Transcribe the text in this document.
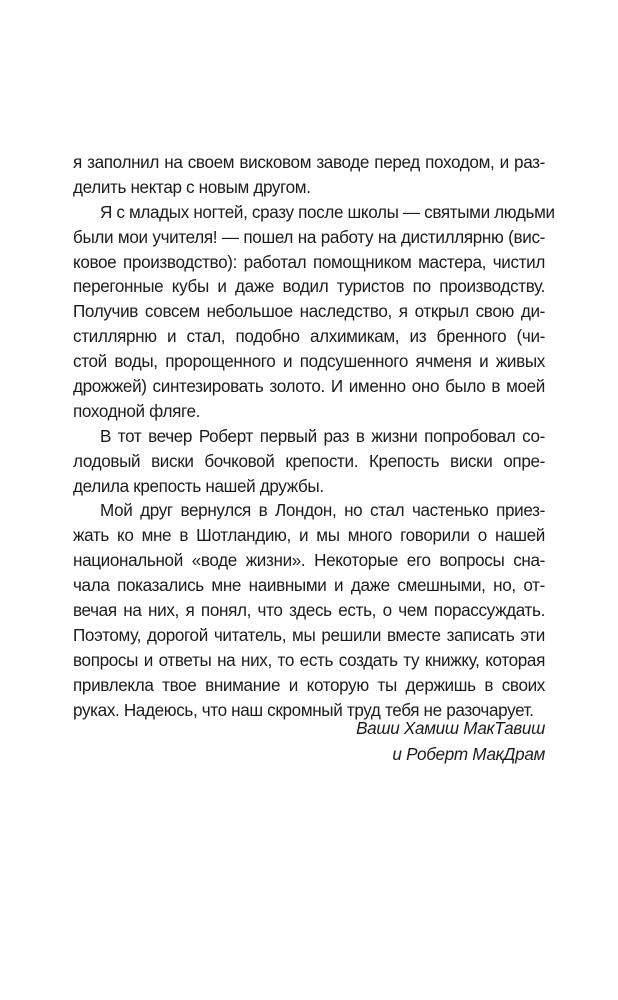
я заполнил на своем висковом заводе перед походом, и раз-
делить нектар с новым другом.
Я с младых ногтей, сразу после школы — святыми людьми
были мои учителя! — пошел на работу на дистиллярню (вис-
ковое производство): работал помощником мастера, чистил
перегонные кубы и даже водил туристов по производству.
Получив совсем небольшое наследство, я открыл свою ди-
стиллярню и стал, подобно алхимикам, из бренного (чи-
стой воды, пророщенного и подсушенного ячменя и живых
дрожжей) синтезировать золото. И именно оно было в моей
походной фляге.
В тот вечер Роберт первый раз в жизни попробовал со-
лодовый виски бочковой крепости. Крепость виски опре-
делила крепость нашей дружбы.
Мой друг вернулся в Лондон, но стал частенько приез-
жать ко мне в Шотландию, и мы много говорили о нашей
национальной «воде жизни». Некоторые его вопросы сна-
чала показались мне наивными и даже смешными, но, от-
вечая на них, я понял, что здесь есть, о чем порассуждать.
Поэтому, дорогой читатель, мы решили вместе записать эти
вопросы и ответы на них, то есть создать ту книжку, которая
привлекла твое внимание и которую ты держишь в своих
руках. Надеюсь, что наш скромный труд тебя не разочарует.
Ваши Хамиш МакТавиш
и Роберт МакДрам
